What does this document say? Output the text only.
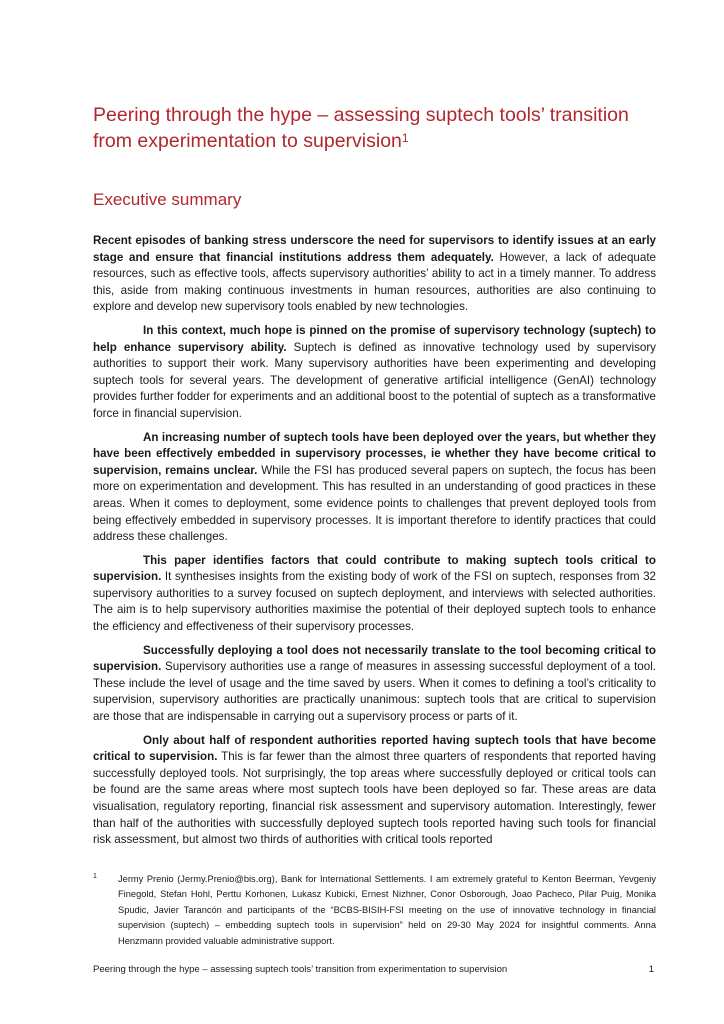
Peering through the hype – assessing suptech tools’ transition from experimentation to supervision$^1$
Executive summary

Recent episodes of banking stress underscore the need for supervisors to identify issues at an early stage and ensure that financial institutions address them adequately. However, a lack of adequate resources, such as effective tools, affects supervisory authorities’ ability to act in a timely manner. To address this, aside from making continuous investments in human resources, authorities are also continuing to explore and develop new supervisory tools enabled by new technologies.

In this context, much hope is pinned on the promise of supervisory technology (suptech) to help enhance supervisory ability. Suptech is defined as innovative technology used by supervisory authorities to support their work. Many supervisory authorities have been experimenting and developing suptech tools for several years. The development of generative artificial intelligence (GenAI) technology provides further fodder for experiments and an additional boost to the potential of suptech as a transformative force in financial supervision.

An increasing number of suptech tools have been deployed over the years, but whether they have been effectively embedded in supervisory processes, ie whether they have become critical to supervision, remains unclear. While the FSI has produced several papers on suptech, the focus has been more on experimentation and development. This has resulted in an understanding of good practices in these areas. When it comes to deployment, some evidence points to challenges that prevent deployed tools from being effectively embedded in supervisory processes. It is important therefore to identify practices that could address these challenges.

This paper identifies factors that could contribute to making suptech tools critical to supervision. It synthesises insights from the existing body of work of the FSI on suptech, responses from 32 supervisory authorities to a survey focused on suptech deployment, and interviews with selected authorities. The aim is to help supervisory authorities maximise the potential of their deployed suptech tools to enhance the efficiency and effectiveness of their supervisory processes.

Successfully deploying a tool does not necessarily translate to the tool becoming critical to supervision. Supervisory authorities use a range of measures in assessing successful deployment of a tool. These include the level of usage and the time saved by users. When it comes to defining a tool’s criticality to supervision, supervisory authorities are practically unanimous: suptech tools that are critical to supervision are those that are indispensable in carrying out a supervisory process or parts of it.

Only about half of respondent authorities reported having suptech tools that have become critical to supervision. This is far fewer than the almost three quarters of respondents that reported having successfully deployed tools. Not surprisingly, the top areas where successfully deployed or critical tools can be found are the same areas where most suptech tools have been deployed so far. These areas are data visualisation, regulatory reporting, financial risk assessment and supervisory automation. Interestingly, fewer than half of the authorities with successfully deployed suptech tools reported having such tools for financial risk assessment, but almost two thirds of authorities with critical tools reported

1 Jermy Prenio (Jermy.Prenio@bis.org), Bank for International Settlements. I am extremely grateful to Kenton Beerman, Yevgeniy Finegold, Stefan Hohl, Perttu Korhonen, Lukasz Kubicki, Ernest Nizhner, Conor Osborough, Joao Pacheco, Pilar Puig, Monika Spudic, Javier Tarancón and participants of the “BCBS-BISIH-FSI meeting on the use of innovative technology in financial supervision (suptech) – embedding suptech tools in supervision” held on 29-30 May 2024 for insightful comments. Anna Henzmann provided valuable administrative support.
Peering through the hype – assessing suptech tools’ transition from experimentation to supervision	1
